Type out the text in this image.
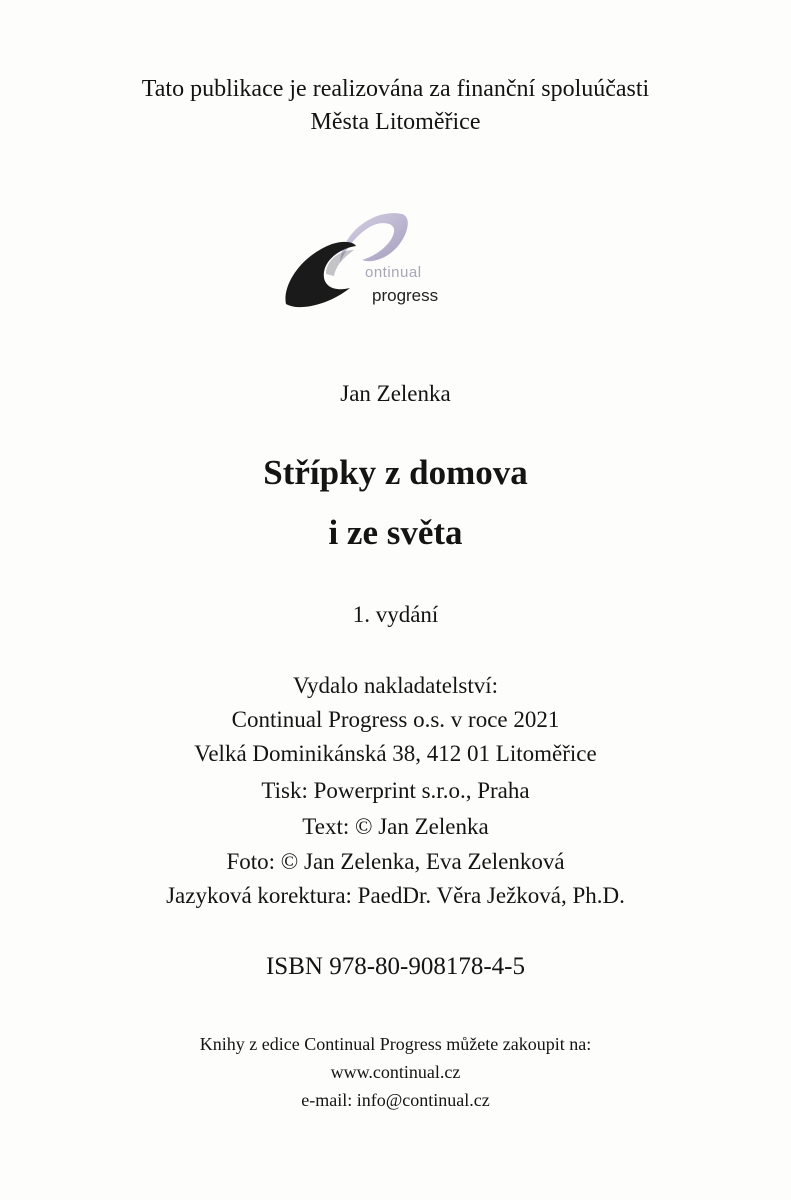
Tato publikace je realizována za finanční spoluúčasti
Města Litoměřice
ontinual
progress
Jan Zelenka
Střípky z domova
i ze světa
1. vydání
Vydalo nakladatelství:
Continual Progress o.s. v roce 2021
Velká Dominikánská 38, 412 01 Litoměřice
Tisk: Powerprint s.r.o., Praha
Text: © Jan Zelenka
Foto: © Jan Zelenka, Eva Zelenková
Jazyková korektura: PaedDr. Věra Ježková, Ph.D.
ISBN 978-80-908178-4-5
Knihy z edice Continual Progress můžete zakoupit na:
www.continual.cz
e-mail: info@continual.cz
